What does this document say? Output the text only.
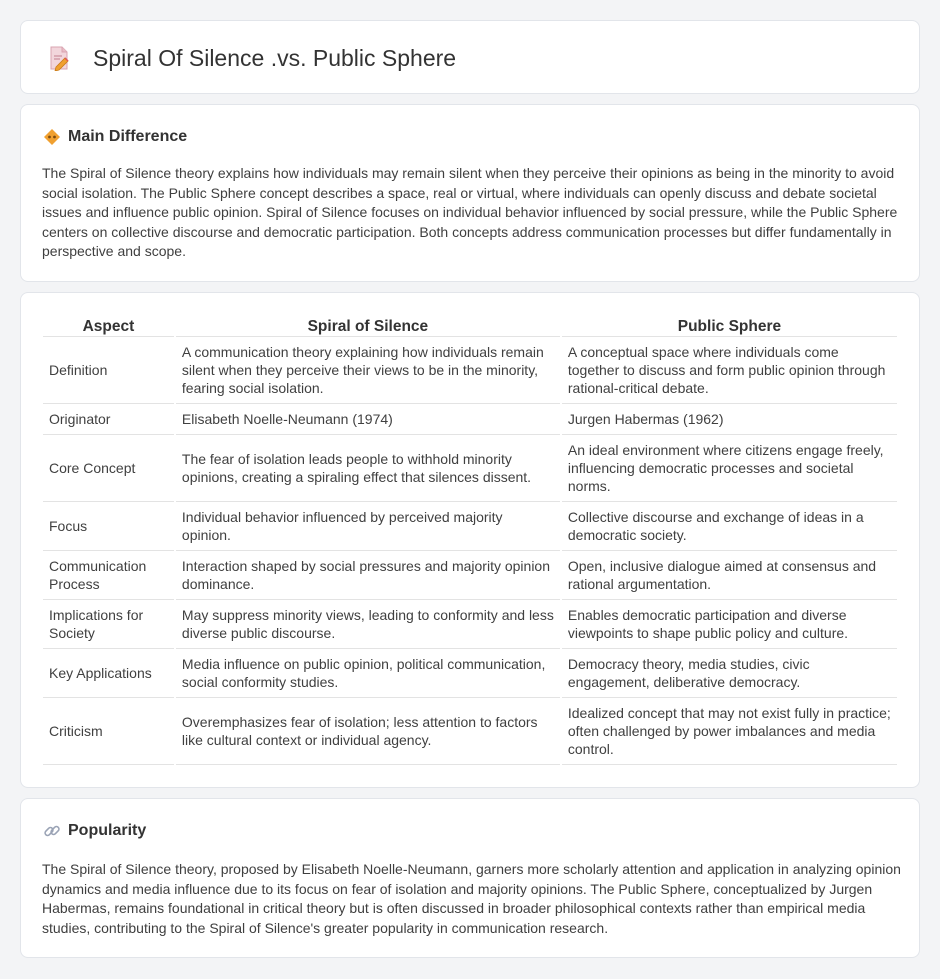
Spiral Of Silence .vs. Public Sphere
Main Difference

The Spiral of Silence theory explains how individuals may remain silent when they perceive their opinions as being in the minority to avoid social isolation. The Public Sphere concept describes a space, real or virtual, where individuals can openly discuss and debate societal issues and influence public opinion. Spiral of Silence focuses on individual behavior influenced by social pressure, while the Public Sphere centers on collective discourse and democratic participation. Both concepts address communication processes but differ fundamentally in perspective and scope.

Aspect	Spiral of Silence	Public Sphere
Definition	A communication theory explaining how individuals remain silent when they perceive their views to be in the minority, fearing social isolation.	A conceptual space where individuals come together to discuss and form public opinion through rational-critical debate.
Originator	Elisabeth Noelle-Neumann (1974)	Jurgen Habermas (1962)
Core Concept	The fear of isolation leads people to withhold minority opinions, creating a spiraling effect that silences dissent.	An ideal environment where citizens engage freely, influencing democratic processes and societal norms.
Focus	Individual behavior influenced by perceived majority opinion.	Collective discourse and exchange of ideas in a democratic society.
Communication Process	Interaction shaped by social pressures and majority opinion dominance.	Open, inclusive dialogue aimed at consensus and rational argumentation.
Implications for Society	May suppress minority views, leading to conformity and less diverse public discourse.	Enables democratic participation and diverse viewpoints to shape public policy and culture.
Key Applications	Media influence on public opinion, political communication, social conformity studies.	Democracy theory, media studies, civic engagement, deliberative democracy.
Criticism	Overemphasizes fear of isolation; less attention to factors like cultural context or individual agency.	Idealized concept that may not exist fully in practice; often challenged by power imbalances and media control.
Popularity

The Spiral of Silence theory, proposed by Elisabeth Noelle-Neumann, garners more scholarly attention and application in analyzing opinion dynamics and media influence due to its focus on fear of isolation and majority opinions. The Public Sphere, conceptualized by Jurgen Habermas, remains foundational in critical theory but is often discussed in broader philosophical contexts rather than empirical media studies, contributing to the Spiral of Silence's greater popularity in communication research.
